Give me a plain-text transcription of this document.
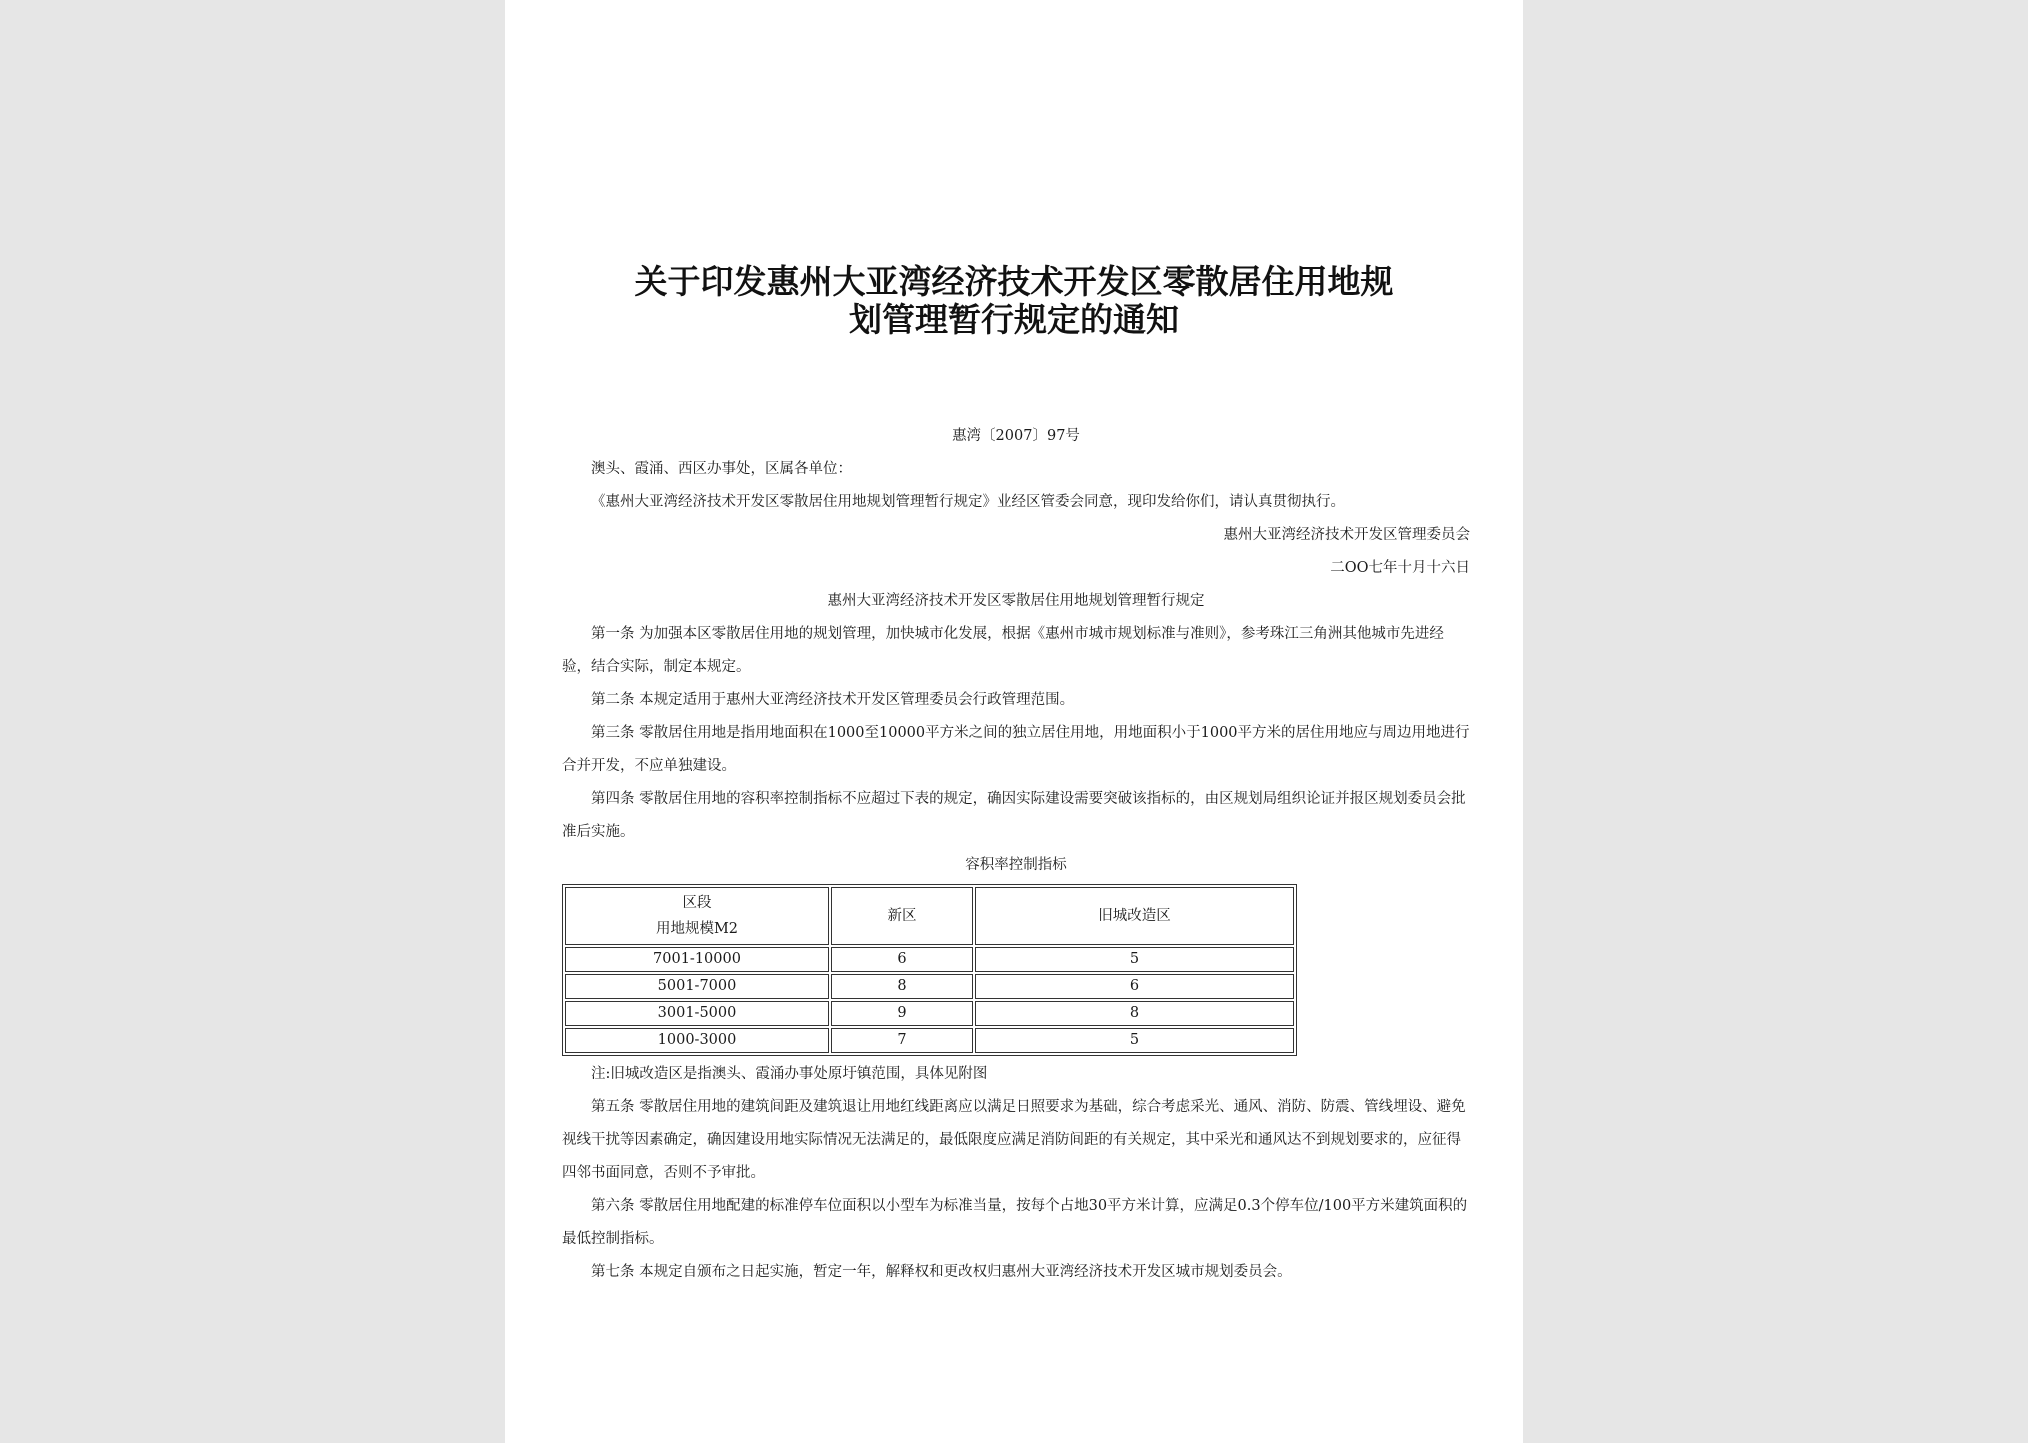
关于印发惠州大亚湾经济技术开发区零散居住用地规
划管理暂行规定的通知
惠湾〔2007〕97号
澳头、霞涌、西区办事处，区属各单位：
《惠州大亚湾经济技术开发区零散居住用地规划管理暂行规定》业经区管委会同意，现印发给你们，请认真贯彻执行。
惠州大亚湾经济技术开发区管理委员会
二OO七年十月十六日
惠州大亚湾经济技术开发区零散居住用地规划管理暂行规定
第一条 为加强本区零散居住用地的规划管理，加快城市化发展，根据《惠州市城市规划标准与准则》，参考珠江三角洲其他城市先进经验，结合实际，制定本规定。
第二条 本规定适用于惠州大亚湾经济技术开发区管理委员会行政管理范围。
第三条 零散居住用地是指用地面积在1000至10000平方米之间的独立居住用地，用地面积小于1000平方米的居住用地应与周边用地进行合并开发，不应单独建设。
第四条 零散居住用地的容积率控制指标不应超过下表的规定，确因实际建设需要突破该指标的，由区规划局组织论证并报区规划委员会批准后实施。
容积率控制指标
区段
用地规模M2	新区	旧城改造区
7001-10000	6	5
5001-7000	8	6
3001-5000	9	8
1000-3000	7	5
注:旧城改造区是指澳头、霞涌办事处原圩镇范围，具体见附图
第五条 零散居住用地的建筑间距及建筑退让用地红线距离应以满足日照要求为基础，综合考虑采光、通风、消防、防震、管线埋设、避免视线干扰等因素确定，确因建设用地实际情况无法满足的，最低限度应满足消防间距的有关规定，其中采光和通风达不到规划要求的，应征得四邻书面同意，否则不予审批。
第六条 零散居住用地配建的标准停车位面积以小型车为标准当量，按每个占地30平方米计算，应满足0.3个停车位/100平方米建筑面积的最低控制指标。
第七条 本规定自颁布之日起实施，暂定一年，解释权和更改权归惠州大亚湾经济技术开发区城市规划委员会。
